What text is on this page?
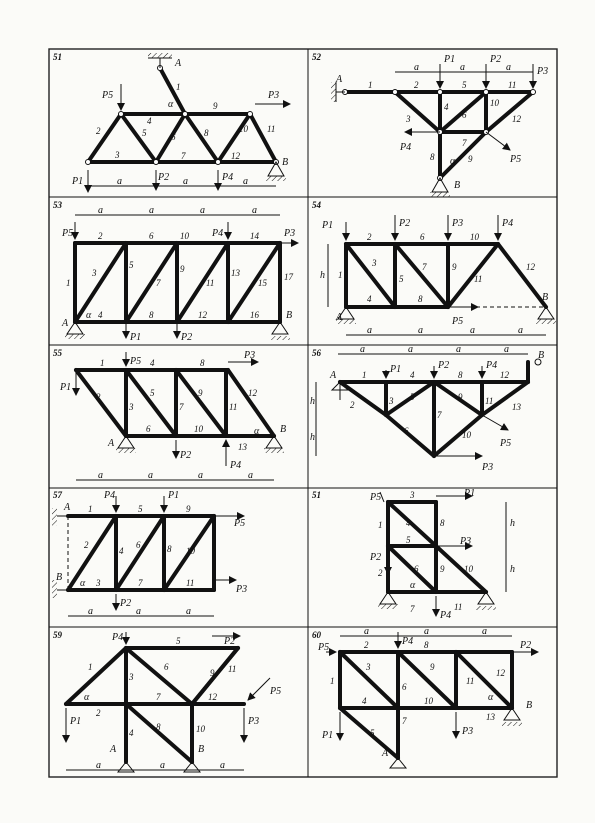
51
A
B
α
P5
P1	P2	P4
P3
a	a	a
1
2
3
4
5	6
7
8
9
10 11
12
52
A
B
α
P1	P2
P3
P4
P5
a	a	a
1	2
3
4
5
6
7
8	9
10
11
12
53
A
B
α
P5	P4	P3
P1	P2
a	a	a	a
1
2
3
4
5
6
7
8
9
10
11
12
13
14
15
16
17
54
A
B
h
P1	P2	P3	P4
P5
a	a	a	a
1
2
3
4
5
6
7
8
9
10
11
12
55
A
B
α
P1
P5
P3
P2
P4
a	a	a	a
1
2
3
4
5
6
7
8
9
10
11
12
13
56
A
B
h
h
P1	P2	P4
P5
P3
a	a	a	a
1
2	3
4
5
6
7
8
9
10
11
12
13
57
A
B
α
P4	P1
P5
P2
P3
a	a	a
1
2
3
4
5
6
7
8
9
10
11
51	P5	P1
P3
P2
P4
h
h
α
1
2
3
4
5
6
7
8
9 10
11
59
A	B
α
P4	P2
P5
P1	P3
a	a	a
1
2
3
4
5
6
7
8
9
10
11
12
60
A
B
α
P5
P4	P2
P1	P3
a	a	a
1
2
3
4
5
6
7
8
9
10
11
12
13
